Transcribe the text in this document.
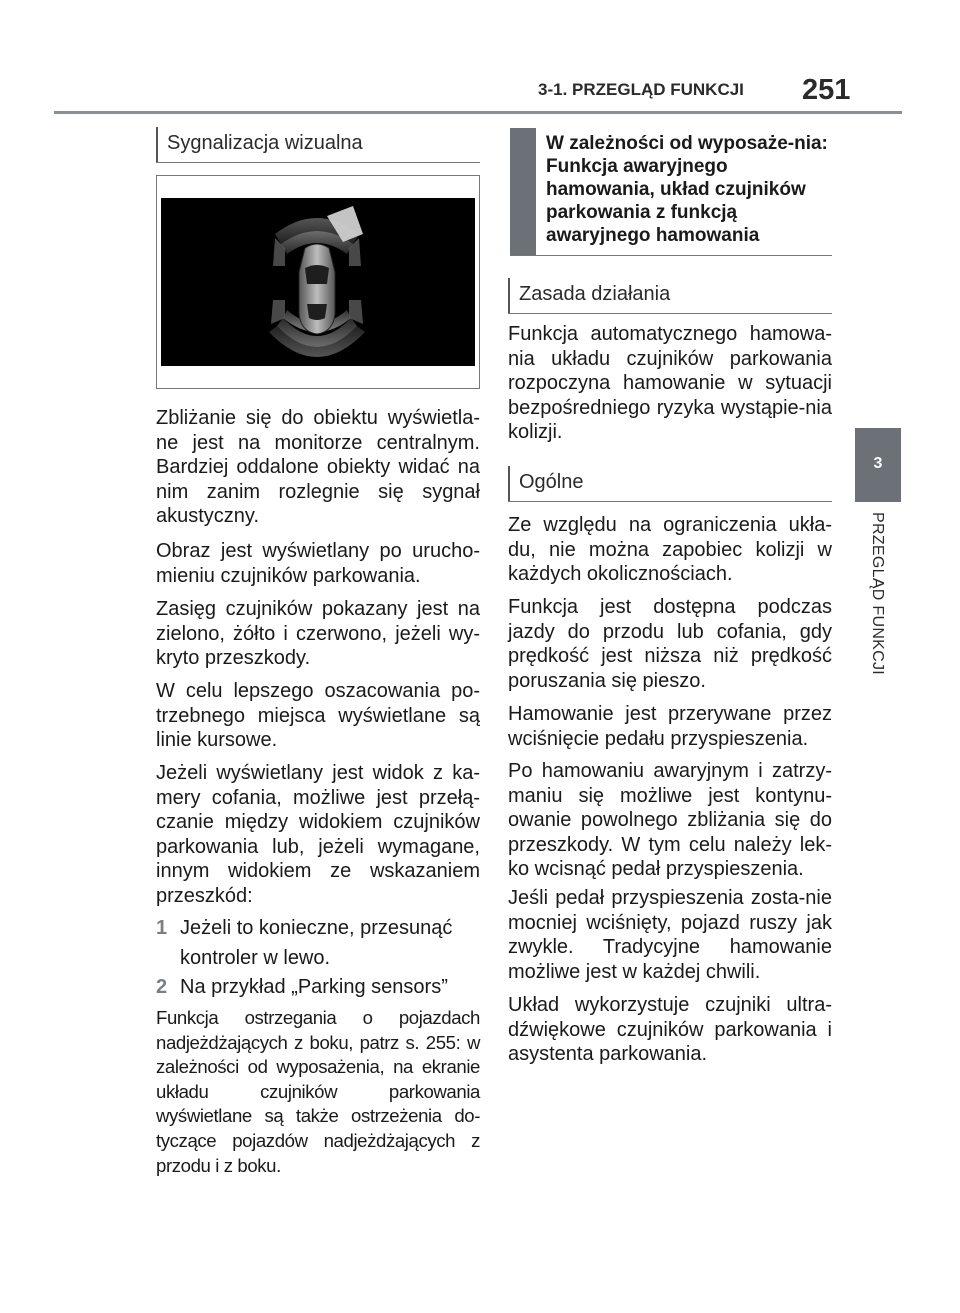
3-1. PRZEGLĄD FUNKCJI 251
3
PRZEGLĄD FUNKCJI
Sygnalizacja wizualna
Zbliżanie się do obiektu wyświetla-ne jest na monitorze centralnym. Bardziej oddalone obiekty widać na nim zanim rozlegnie się sygnał akustyczny.
Obraz jest wyświetlany po urucho-mieniu czujników parkowania.
Zasięg czujników pokazany jest na zielono, żółto i czerwono, jeżeli wy-kryto przeszkody.
W celu lepszego oszacowania po-trzebnego miejsca wyświetlane są linie kursowe.
Jeżeli wyświetlany jest widok z ka-mery cofania, możliwe jest przełą-czanie między widokiem czujników parkowania lub, jeżeli wymagane, innym widokiem ze wskazaniem przeszkód:
1 Jeżeli to konieczne, przesunąć kontroler w lewo.
2 Na przykład „Parking sensors”
Funkcja ostrzegania o pojazdach nadjeżdżających z boku, patrz s. 255: w zależności od wyposażenia, na ekranie układu czujników parkowania wyświetlane są także ostrzeżenia do-tyczące pojazdów nadjeżdżających z przodu i z boku.
W zależności od wyposaże-nia: Funkcja awaryjnego hamowania, układ czujników parkowania z funkcją awaryjnego hamowania
Zasada działania
Funkcja automatycznego hamowa-nia układu czujników parkowania rozpoczyna hamowanie w sytuacji bezpośredniego ryzyka wystąpie-nia kolizji.
Ogólne
Ze względu na ograniczenia ukła-du, nie można zapobiec kolizji w każdych okolicznościach.
Funkcja jest dostępna podczas jazdy do przodu lub cofania, gdy prędkość jest niższa niż prędkość poruszania się pieszo.
Hamowanie jest przerywane przez wciśnięcie pedału przyspieszenia.
Po hamowaniu awaryjnym i zatrzy-maniu się możliwe jest kontynu-owanie powolnego zbliżania się do przeszkody. W tym celu należy lek-ko wcisnąć pedał przyspieszenia.
Jeśli pedał przyspieszenia zosta-nie mocniej wciśnięty, pojazd ruszy jak zwykle. Tradycyjne hamowanie możliwe jest w każdej chwili.
Układ wykorzystuje czujniki ultra-dźwiękowe czujników parkowania i asystenta parkowania.
